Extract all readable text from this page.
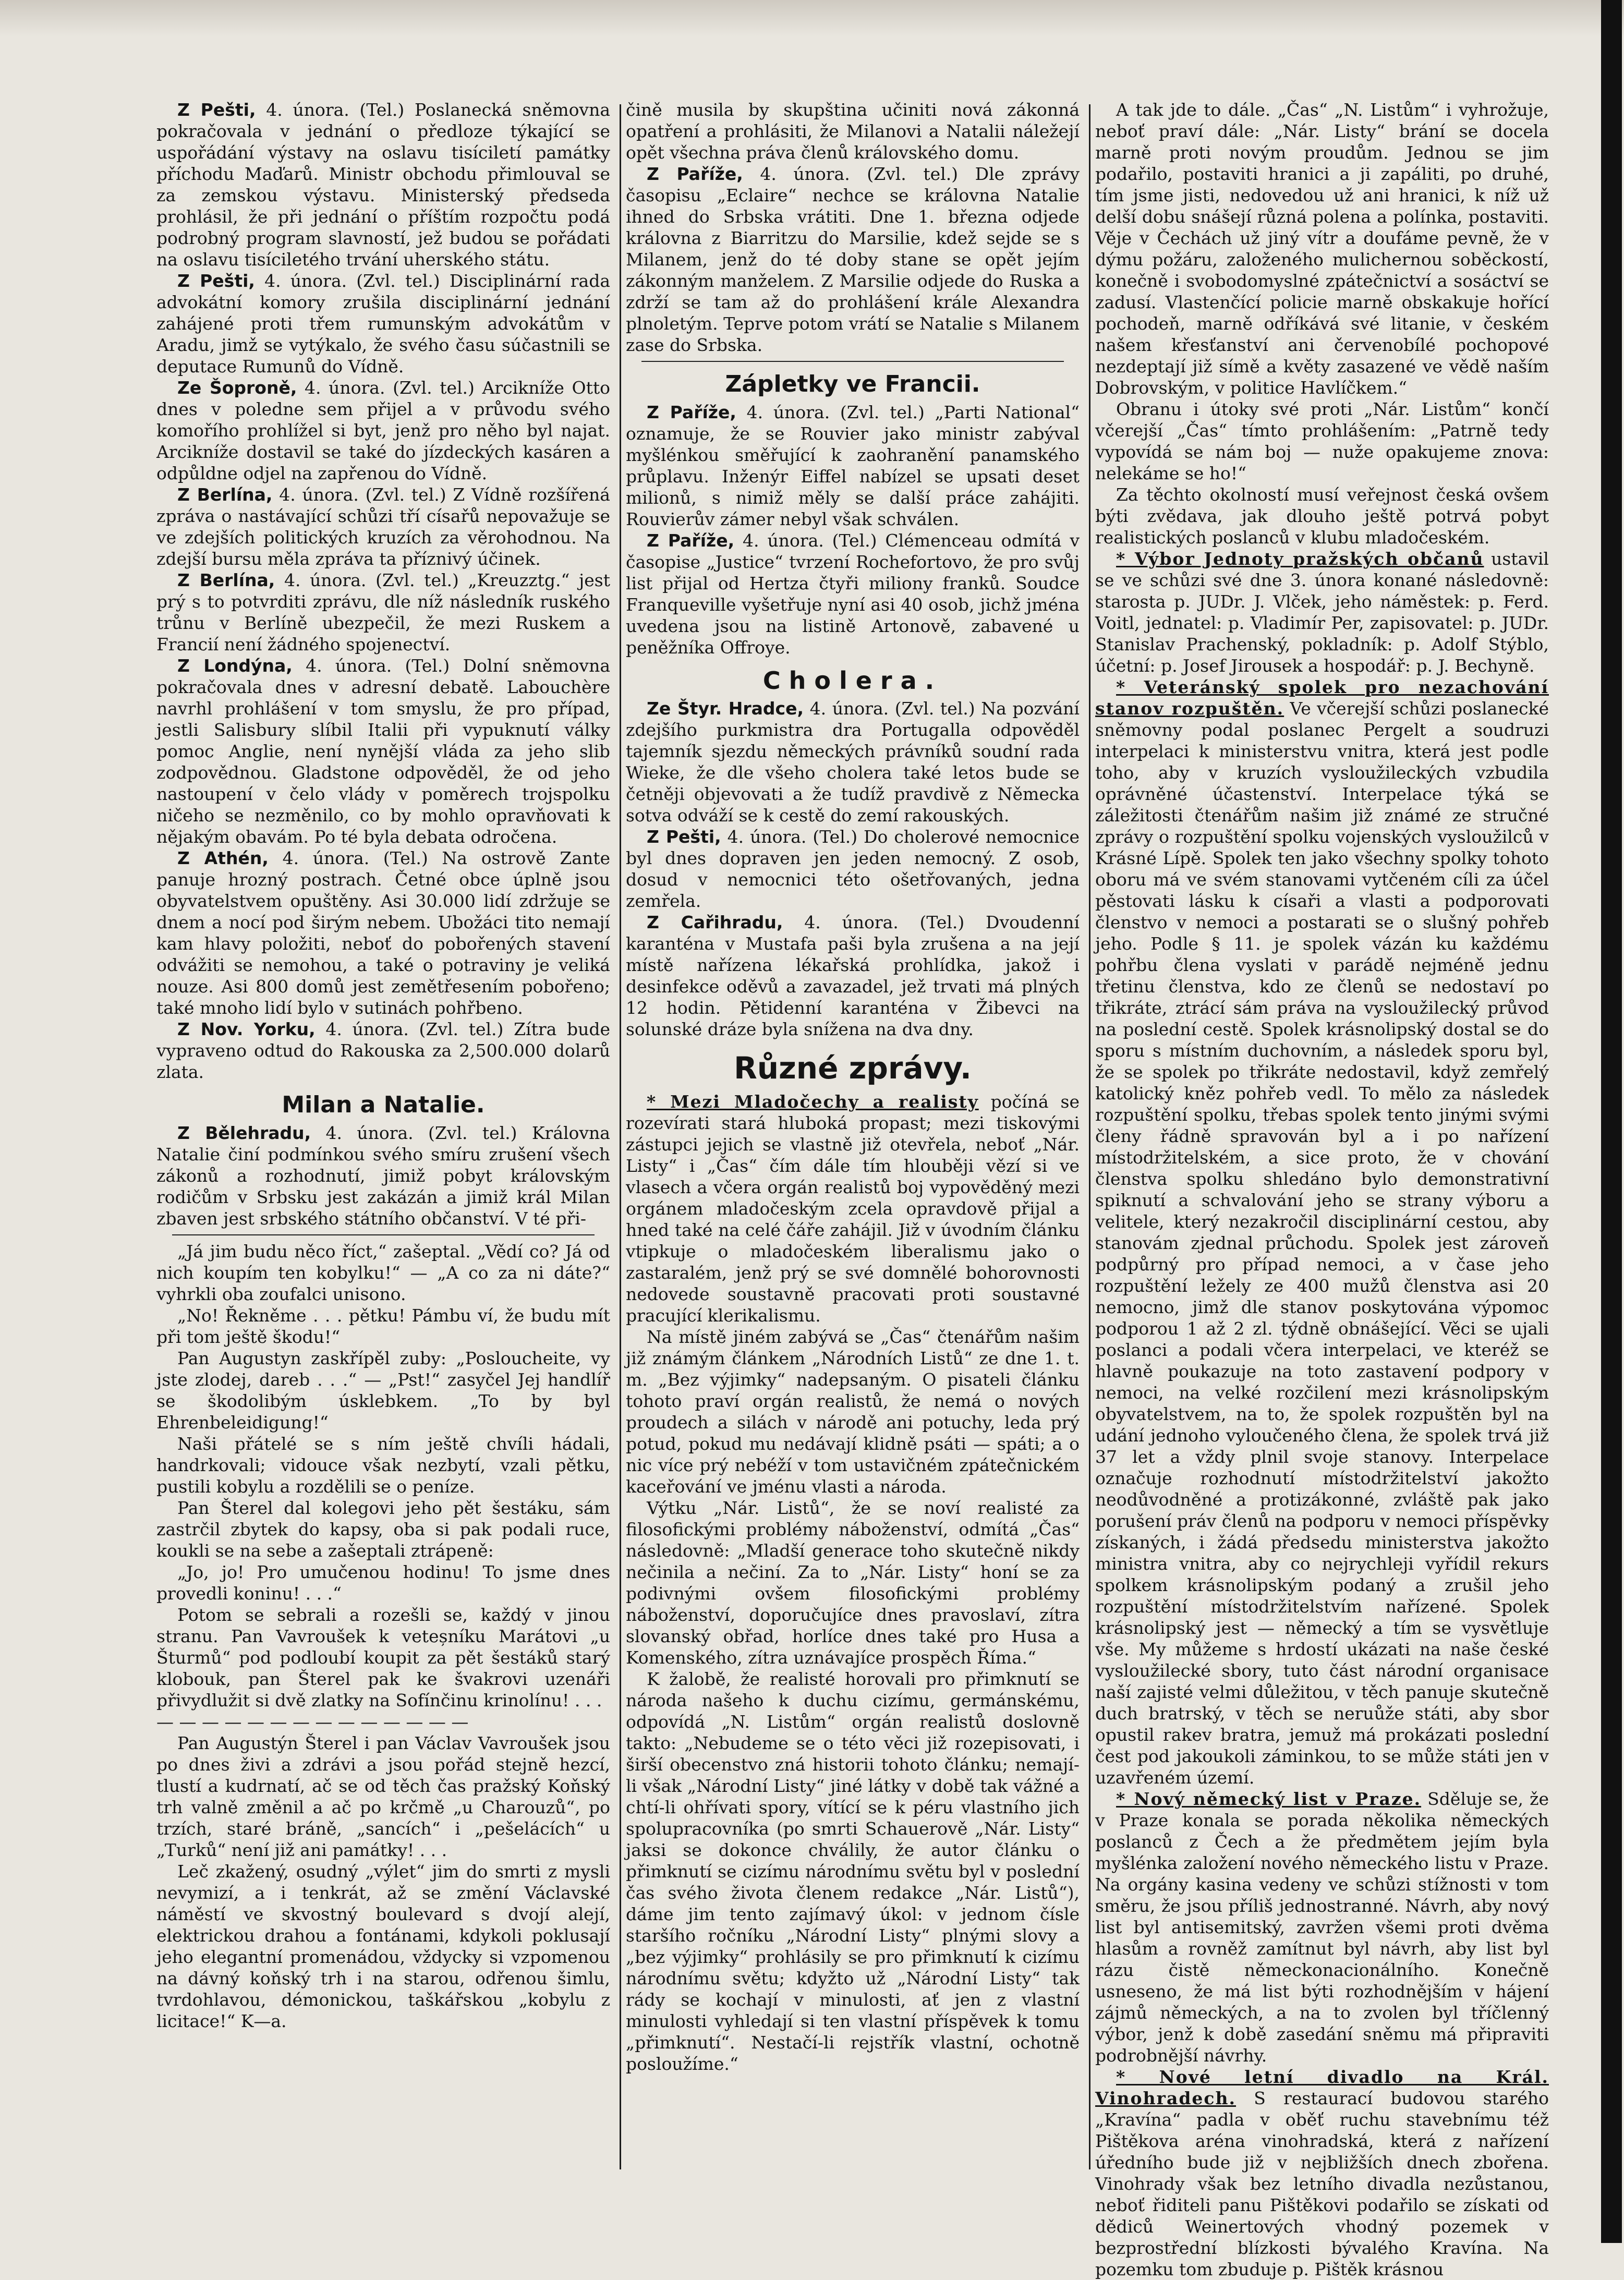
Z Pešti, 4. února. (Tel.) Poslanecká sněmovna pokračovala v jednání o předloze týkající se uspořádání výstavy na oslavu tisíciletí památky příchodu Maďarů. Ministr obchodu přimlouval se za zemskou výstavu. Ministerský předseda prohlásil, že při jednání o příštím rozpočtu podá podrobný program slavností, jež budou se pořádati na oslavu tisíciletého trvání uherského státu.

Z Pešti, 4. února. (Zvl. tel.) Disciplinární rada advokátní komory zrušila disciplinární jednání zahájené proti třem rumunským advokátům v Aradu, jimž se vytýkalo, že svého času súčastnili se deputace Rumunů do Vídně.

Ze Šoproně, 4. února. (Zvl. tel.) Arcikníže Otto dnes v poledne sem přijel a v průvodu svého komořího prohlížel si byt, jenž pro něho byl najat. Arcikníže dostavil se také do jízdeckých kasáren a odpůldne odjel na zapřenou do Vídně.

Z Berlína, 4. února. (Zvl. tel.) Z Vídně rozšířená zpráva o nastávající schůzi tří císařů nepovažuje se ve zdejších politických kruzích za věrohodnou. Na zdejší bursu měla zpráva ta příznivý účinek.

Z Berlína, 4. února. (Zvl. tel.) „Kreuzztg.“ jest prý s to potvrditi zprávu, dle níž následník ruského trůnu v Berlíně ubezpečil, že mezi Ruskem a Francií není žádného spojenectví.

Z Londýna, 4. února. (Tel.) Dolní sněmovna pokračovala dnes v adresní debatě. Labouchère navrhl prohlášení v tom smyslu, že pro případ, jestli Salisbury slíbil Italii při vypuknutí války pomoc Anglie, není nynější vláda za jeho slib zodpovědnou. Gladstone odpověděl, že od jeho nastoupení v čelo vlády v poměrech trojspolku ničeho se nezměnilo, co by mohlo opravňovati k nějakým obavám. Po té byla debata odročena.

Z Athén, 4. února. (Tel.) Na ostrově Zante panuje hrozný postrach. Četné obce úplně jsou obyvatelstvem opuštěny. Asi 30.000 lidí zdržuje se dnem a nocí pod širým nebem. Ubožáci tito nemají kam hlavy položiti, neboť do pobořených stavení odvážiti se nemohou, a také o potraviny je veliká nouze. Asi 800 domů jest zemětřesením pobořeno; také mnoho lidí bylo v sutinách pohřbeno.

Z Nov. Yorku, 4. února. (Zvl. tel.) Zítra bude vypraveno odtud do Rakouska za 2,500.000 dolarů zlata.

Milan a Natalie.

Z Bělehradu, 4. února. (Zvl. tel.) Královna Natalie činí podmínkou svého smíru zrušení všech zákonů a rozhodnutí, jimiž pobyt královským rodičům v Srbsku jest zakázán a jimiž král Milan zbaven jest srbského státního občanství. V té při-

„Já jim budu něco říct,“ zašeptal. „Vědí co? Já od nich koupím ten kobylku!“ — „A co za ni dáte?“ vyhrkli oba zoufalci unisono.

„No! Řekněme . . . pětku! Pámbu ví, že budu mít při tom ještě škodu!“

Pan Augustyn zaskřípěl zuby: „Posloucheite, vy jste zlodej, dareb . . .“ — „Pst!“ zasyčel Jej handlíř se škodolibým úsklebkem. „To by byl Ehrenbeleidigung!“

Naši přátelé se s ním ještě chvíli hádali, handrkovali; vidouce však nezbytí, vzali pětku, pustili kobylu a rozdělili se o peníze.

Pan Šterel dal kolegovi jeho pět šestáku, sám zastrčil zbytek do kapsy, oba si pak podali ruce, koukli se na sebe a zašeptali ztrápeně:

„Jo, jo! Pro umučenou hodinu! To jsme dnes provedli koninu! . . .“

Potom se sebrali a rozešli se, každý v jinou stranu. Pan Vavroušek k veteșníku Marátovi „u Šturmů“ pod podloubí koupit za pět šestáků starý klobouk, pan Šterel pak ke švakrovi uzenáři přivydlužit si dvě zlatky na Sofínčinu krinolínu! . . .

— — — — — — — — — — — — — —

Pan Augustýn Šterel i pan Václav Vavroušek jsou po dnes živi a zdrávi a jsou pořád stejně hezcí, tlustí a kudrnatí, ač se od těch čas pražský Koňský trh valně změnil a ač po krčmě „u Charouzů“, po trzích, staré bráně, „sancích“ i „pešelácích“ u „Turků“ není již ani památky! . . .

Leč zkažený, osudný „výlet“ jim do smrti z mysli nevymizí, a i tenkrát, až se změní Václavské náměstí ve skvostný boulevard s dvojí alejí, elektrickou drahou a fontánami, kdykoli poklusají jeho elegantní promenádou, vždycky si vzpomenou na dávný koňský trh i na starou, odřenou šimlu, tvrdohlavou, démonickou, taškářskou „kobylu z licitace!“ K—a.

čině musila by skupština učiniti nová zákonná opatření a prohlásiti, že Milanovi a Natalii náležejí opět všechna práva členů královského domu.

Z Paříže, 4. února. (Zvl. tel.) Dle zprávy časopisu „Eclaire“ nechce se královna Natalie ihned do Srbska vrátiti. Dne 1. března odjede královna z Biarritzu do Marsilie, kdež sejde se s Milanem, jenž do té doby stane se opět jejím zákonným manželem. Z Marsilie odjede do Ruska a zdrží se tam až do prohlášení krále Alexandra plnoletým. Teprve potom vrátí se Natalie s Milanem zase do Srbska.

Zápletky ve Francii.

Z Paříže, 4. února. (Zvl. tel.) „Parti National“ oznamuje, že se Rouvier jako ministr zabýval myšlénkou směřující k zaohranění panamského průplavu. Inženýr Eiffel nabízel se upsati deset milionů, s nimiž měly se další práce zahájiti. Rouvierův zámer nebyl však schválen.

Z Paříže, 4. února. (Tel.) Clémenceau odmítá v časopise „Justice“ tvrzení Rochefortovo, že pro svůj list přijal od Hertza čtyři miliony franků. Soudce Franqueville vyšetřuje nyní asi 40 osob, jichž jména uvedena jsou na listině Artonově, zabavené u peněžníka Offroye.

Cholera.

Ze Štyr. Hradce, 4. února. (Zvl. tel.) Na pozvání zdejšího purkmistra dra Portugalla odpověděl tajemník sjezdu německých právníků soudní rada Wieke, že dle všeho cholera také letos bude se četněji objevovati a že tudíž pravdivě z Německa sotva odváží se k cestě do zemí rakouských.

Z Pešti, 4. února. (Tel.) Do cholerové nemocnice byl dnes dopraven jen jeden nemocný. Z osob, dosud v nemocnici této ošetřovaných, jedna zemřela.

Z Cařihradu, 4. února. (Tel.) Dvoudenní karanténa v Mustafa paši byla zrušena a na její místě nařízena lékařská prohlídka, jakož i desinfekce oděvů a zavazadel, jež trvati má plných 12 hodin. Pětidenní karanténa v Žibevci na solunské dráze byla snížena na dva dny.

Různé zprávy.

* Mezi Mladočechy a realisty počíná se rozevírati stará hluboká propast; mezi tiskovými zástupci jejich se vlastně již otevřela, neboť „Nár. Listy“ i „Čas“ čím dále tím hlouběji vězí si ve vlasech a včera orgán realistů boj vypověděný mezi orgánem mladočeským zcela opravdově přijal a hned také na celé čáře zahájil. Již v úvodním článku vtipkuje o mladočeském liberalismu jako o zastaralém, jenž prý se své domnělé bohorovnosti nedovede soustavně pracovati proti soustavné pracující klerikalismu.

Na místě jiném zabývá se „Čas“ čtenářům našim již známým článkem „Národních Listů“ ze dne 1. t. m. „Bez výjimky“ nadepsaným. O pisateli článku tohoto praví orgán realistů, že nemá o nových proudech a silách v národě ani potuchy, leda prý potud, pokud mu nedávají klidně psáti — spáti; a o nic více prý nebéží v tom ustavičném zpátečnickém kaceřování ve jménu vlasti a národa.

Výtku „Nár. Listů“, že se noví realisté za filosofickými problémy náboženství, odmítá „Čas“ následovně: „Mladší generace toho skutečně nikdy nečinila a nečiní. Za to „Nár. Listy“ honí se za podivnými ovšem filosofickými problémy náboženství, doporučujíce dnes pravoslaví, zítra slovanský obřad, horlíce dnes také pro Husa a Komenského, zítra uznávajíce prospěch Říma.“

K žalobě, že realisté horovali pro přimknutí se národa našeho k duchu cizímu, germánskému, odpovídá „N. Listům“ orgán realistů doslovně takto: „Nebudeme se o této věci již rozepisovati, i širší obecenstvo zná historii tohoto článku; nemají-li však „Národní Listy“ jiné látky v době tak vážné a chtí-li ohřívati spory, vítící se k péru vlastního jich spolupracovníka (po smrti Schauerově „Nár. Listy“ jaksi se dokonce chválily, že autor článku o přimknutí se cizímu národnímu světu byl v poslední čas svého života členem redakce „Nár. Listů“), dáme jim tento zajímavý úkol: v jednom čísle staršího ročníku „Národní Listy“ plnými slovy a „bez výjimky“ prohlásily se pro přimknutí k cizímu národnímu světu; kdyžto už „Národní Listy“ tak rády se kochají v minulosti, ať jen z vlastní minulosti vyhledají si ten vlastní příspěvek k tomu „přimknutí“. Nestačí-li rejstřík vlastní, ochotně posloužíme.“

A tak jde to dále. „Čas“ „N. Listům“ i vyhrožuje, neboť praví dále: „Nár. Listy“ brání se docela marně proti novým proudům. Jednou se jim podařilo, postaviti hranici a ji zapáliti, po druhé, tím jsme jisti, nedovedou už ani hranici, k níž už delší dobu snášejí různá polena a polínka, postaviti. Věje v Čechách už jiný vítr a doufáme pevně, že v dýmu požáru, založeného mulichernou soběckostí, konečně i svobodomyslné zpátečnictví a sosáctví se zadusí. Vlastenčící policie marně obskakuje hořící pochodeň, marně odříkává své litanie, v českém našem křesťanství ani červenobílé pochopové nezdeptají již símě a květy zasazené ve vědě naším Dobrovským, v politice Havlíčkem.“

Obranu i útoky své proti „Nár. Listům“ končí včerejší „Čas“ tímto prohlášením: „Patrně tedy vypovídá se nám boj — nuže opakujeme znova: nelekáme se ho!“

Za těchto okolností musí veřejnost česká ovšem býti zvědava, jak dlouho ještě potrvá pobyt realistických poslanců v klubu mladočeském.

* Výbor Jednoty pražských občanů ustavil se ve schůzi své dne 3. února konané následovně: starosta p. JUDr. J. Vlček, jeho náměstek: p. Ferd. Voitl, jednatel: p. Vladimír Per, zapisovatel: p. JUDr. Stanislav Prachenský, pokladník: p. Adolf Stýblo, účetní: p. Josef Jirousek a hospodář: p. J. Bechyně.

* Veteránský spolek pro nezachování stanov rozpuštěn. Ve včerejší schůzi poslanecké sněmovny podal poslanec Pergelt a soudruzi interpelaci k ministerstvu vnitra, která jest podle toho, aby v kruzích vysloužileckých vzbudila oprávněné účastenství. Interpelace týká se záležitosti čtenářům našim již známé ze stručné zprávy o rozpuštění spolku vojenských vysloužilců v Krásné Lípě. Spolek ten jako všechny spolky tohoto oboru má ve svém stanovami vytčeném cíli za účel pěstovati lásku k císaři a vlasti a podporovati členstvo v nemoci a postarati se o slušný pohřeb jeho. Podle § 11. je spolek vázán ku každému pohřbu člena vyslati v parádě nejméně jednu třetinu členstva, kdo ze členů se nedostaví po třikráte, ztrácí sám práva na vysloužilecký průvod na poslední cestě. Spolek krásnolipský dostal se do sporu s místním duchovním, a následek sporu byl, že se spolek po třikráte nedostavil, když zemřelý katolický kněz pohřeb vedl. To mělo za následek rozpuštění spolku, třebas spolek tento jinými svými členy řádně spravován byl a i po nařízení místodržitelském, a sice proto, že v chování členstva spolku shledáno bylo demonstrativní spiknutí a schvalování jeho se strany výboru a velitele, který nezakročil disciplinární cestou, aby stanovám zjednal průchodu. Spolek jest zároveň podpůrný pro případ nemoci, a v čase jeho rozpuštění ležely ze 400 mužů členstva asi 20 nemocno, jimž dle stanov poskytována výpomoc podporou 1 až 2 zl. týdně obnášející. Věci se ujali poslanci a podali včera interpelaci, ve kteréž se hlavně poukazuje na toto zastavení podpory v nemoci, na velké rozčilení mezi krásnolipským obyvatelstvem, na to, že spolek rozpuštěn byl na udání jednoho vyloučeného člena, že spolek trvá již 37 let a vždy plnil svoje stanovy. Interpelace označuje rozhodnutí místodržitelství jakožto neodůvodněné a protizákonné, zvláště pak jako porušení práv členů na podporu v nemoci příspěvky získaných, i žádá předsedu ministerstva jakožto ministra vnitra, aby co nejrychleji vyřídil rekurs spolkem krásnolipským podaný a zrušil jeho rozpuštění místodržitelstvím nařízené. Spolek krásnolipský jest — německý a tím se vysvětluje vše. My můžeme s hrdostí ukázati na naše české vysloužilecké sbory, tuto část národní organisace naší zajisté velmi důležitou, v těch panuje skutečně duch bratrský, v těch se neruůže státi, aby sbor opustil rakev bratra, jemuž má prokázati poslední čest pod jakoukoli záminkou, to se může státi jen v uzavřeném území.

* Nový německý list v Praze. Sděluje se, že v Praze konala se porada několika německých poslanců z Čech a že předmětem jejím byla myšlénka založení nového německého listu v Praze. Na orgány kasina vedeny ve schůzi stížnosti v tom směru, že jsou příliš jednostranné. Návrh, aby nový list byl antisemitský, zavržen všemi proti dvěma hlasům a rovněž zamítnut byl návrh, aby list byl rázu čistě německonacionálního. Konečně usneseno, že má list býti rozhodnějším v hájení zájmů německých, a na to zvolen byl tříčlenný výbor, jenž k době zasedání sněmu má připraviti podrobnější návrhy.

* Nové letní divadlo na Král. Vinohradech. S restaurací budovou starého „Kravína“ padla v oběť ruchu stavebnímu též Pištěkova aréna vinohradská, která z nařízení úředního bude již v nejbližších dnech zbořena. Vinohrady však bez letního divadla nezůstanou, neboť řiditeli panu Pištěkovi podařilo se získati od dědiců Weinertových vhodný pozemek v bezprostřední blízkosti bývalého Kravína. Na pozemku tom zbuduje p. Pištěk krásnou
